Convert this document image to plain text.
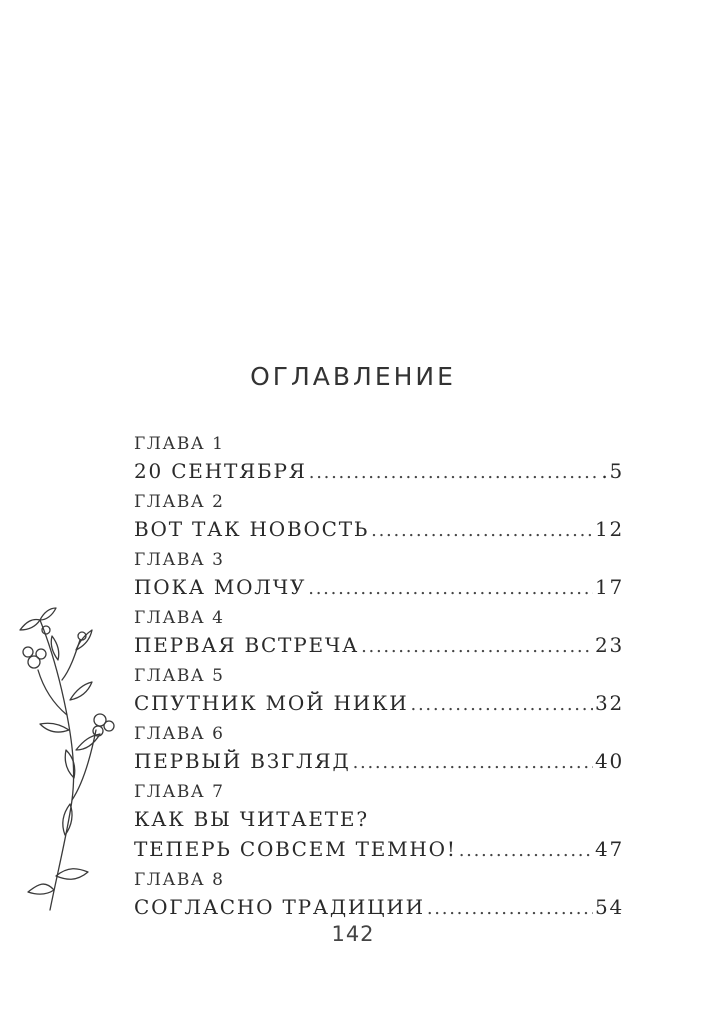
ОГЛАВЛЕНИЕ
ГЛАВА 1
20 СЕНТЯБРЯ . . .	.5
ГЛАВА 2
ВОТ ТАК НОВОСТЬ . . .	12
ГЛАВА 3
ПОКА МОЛЧУ . . .	17
ГЛАВА 4
ПЕРВАЯ ВСТРЕЧА . . .	23
ГЛАВА 5
СПУТНИК МОЙ НИКИ . . .	32
ГЛАВА 6
ПЕРВЫЙ ВЗГЛЯД . . .	40
ГЛАВА 7
КАК ВЫ ЧИТАЕТЕ?
ТЕПЕРЬ СОВСЕМ ТЕМНО! . . .	47
ГЛАВА 8
СОГЛАСНО ТРАДИЦИИ . . .	54
142
